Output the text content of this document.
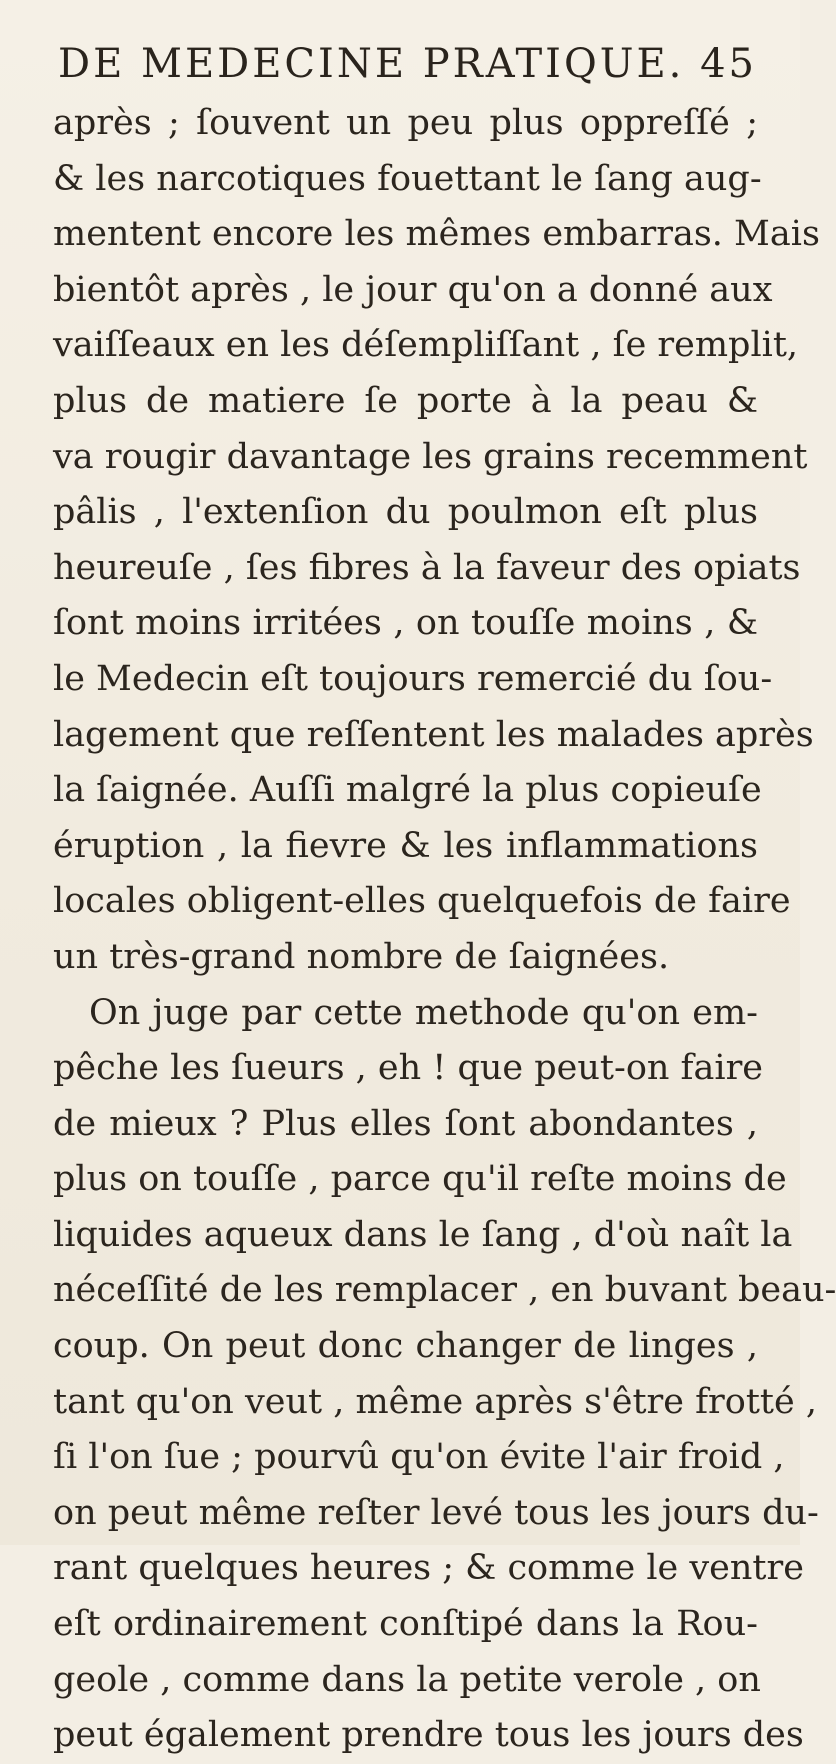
DE MEDECINE PRATIQUE. 45
après ; ſouvent un peu plus oppreſſé ;
& les narcotiques fouettant le ſang aug-
mentent encore les mêmes embarras. Mais
bientôt après , le jour qu'on a donné aux
vaiſſeaux en les déſempliſſant , ſe remplit,
plus de matiere ſe porte à la peau &
va rougir davantage les grains recemment
pâlis , l'extenſion du poulmon eſt plus
heureuſe , ſes fibres à la faveur des opiats
ſont moins irritées , on touſſe moins , &
le Medecin eſt toujours remercié du ſou-
lagement que reſſentent les malades après
la ſaignée. Auſſi malgré la plus copieuſe
éruption , la fievre & les inflammations
locales obligent-elles quelquefois de faire
un très-grand nombre de ſaignées.
On juge par cette methode qu'on em-
pêche les ſueurs , eh ! que peut-on faire
de mieux ? Plus elles ſont abondantes ,
plus on touſſe , parce qu'il reſte moins de
liquides aqueux dans le ſang , d'où naît la
néceſſité de les remplacer , en buvant beau-
coup. On peut donc changer de linges ,
tant qu'on veut , même après s'être frotté ,
ſi l'on ſue ; pourvû qu'on évite l'air froid ,
on peut même reſter levé tous les jours du-
rant quelques heures ; & comme le ventre
eſt ordinairement conſtipé dans la Rou-
geole , comme dans la petite verole , on
peut également prendre tous les jours des
